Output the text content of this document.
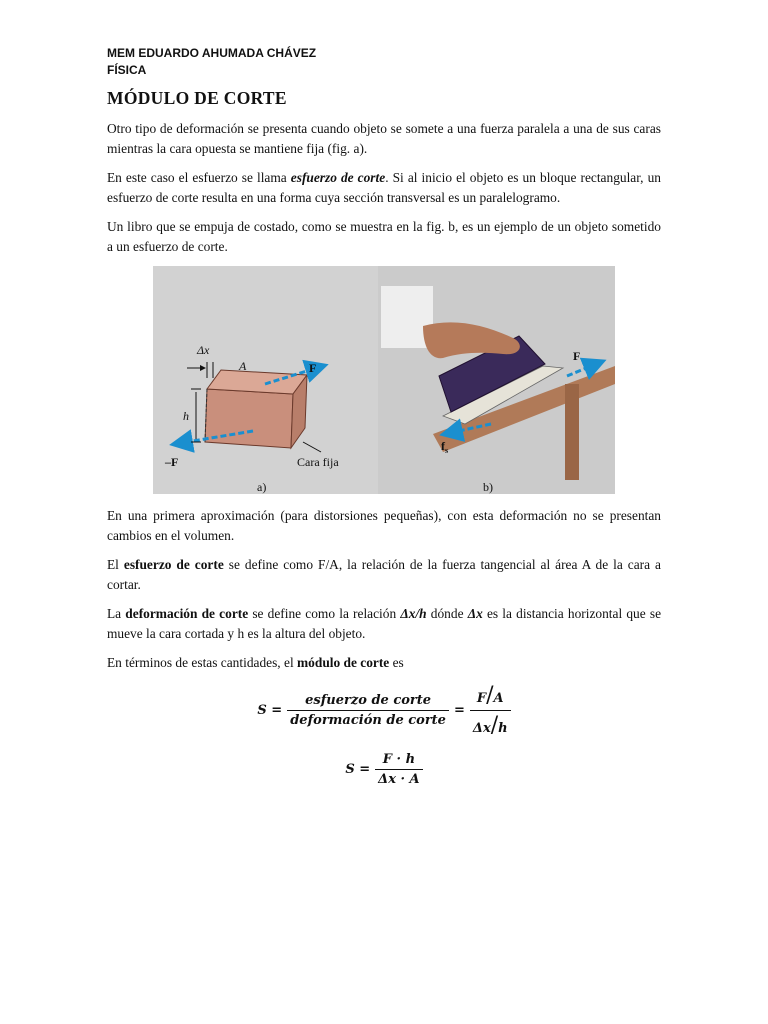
MEM EDUARDO AHUMADA CHÁVEZ
FÍSICA
MÓDULO DE CORTE

Otro tipo de deformación se presenta cuando objeto se somete a una fuerza paralela a una de sus caras mientras la cara opuesta se mantiene fija (fig. a).

En este caso el esfuerzo se llama esfuerzo de corte. Si al inicio el objeto es un bloque rectangular, un esfuerzo de corte resulta en una forma cuya sección transversal es un paralelogramo.

Un libro que se empuja de costado, como se muestra en la fig. b, es un ejemplo de un objeto sometido a un esfuerzo de corte.

Δx
A
h
F
–F	Cara fija
a)
F
$f_s$
b)

En una primera aproximación (para distorsiones pequeñas), con esta deformación no se presentan cambios en el volumen.

El esfuerzo de corte se define como F/A, la relación de la fuerza tangencial al área A de la cara a cortar.

La deformación de corte se define como la relación Δx/h dónde Δx es la distancia horizontal que se mueve la cara cortada y h es la altura del objeto.

En términos de estas cantidades, el módulo de corte es

$S = \frac{\text{esfuerzo de corte}}{\text{deformación de corte}} = \frac{F/A}{\Delta x/h}$
$S = \frac{F \cdot h}{\Delta x \cdot A}$
